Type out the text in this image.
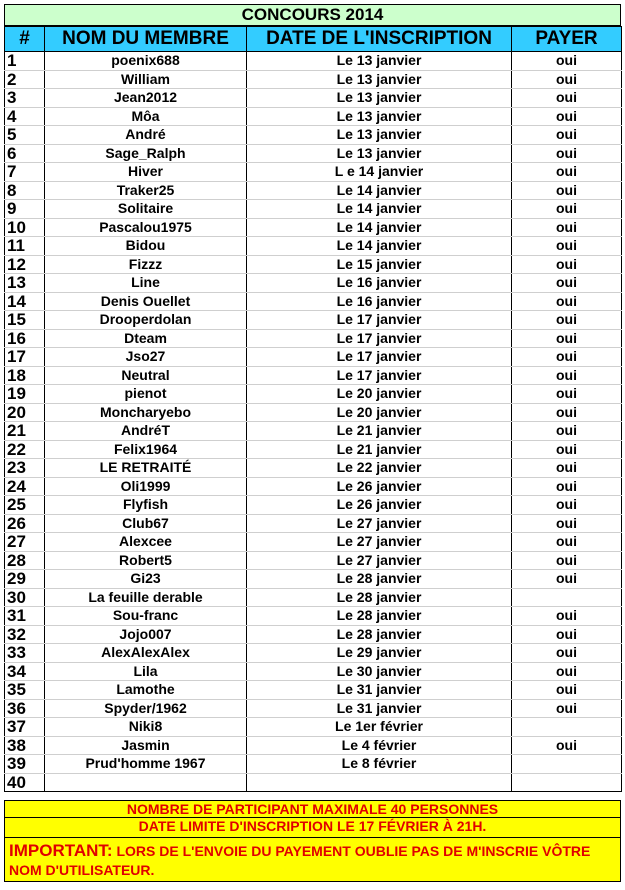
CONCOURS 2014
#	NOM DU MEMBRE	DATE DE L'INSCRIPTION	PAYER
1	poenix688	Le 13 janvier	oui
2	William	Le 13 janvier	oui
3	Jean2012	Le 13 janvier	oui
4	Môa	Le 13 janvier	oui
5	André	Le 13 janvier	oui
6	Sage_Ralph	Le 13 janvier	oui
7	Hiver	L e 14 janvier	oui
8	Traker25	Le 14 janvier	oui
9	Solitaire	Le 14 janvier	oui
10	Pascalou1975	Le 14 janvier	oui
11	Bidou	Le 14 janvier	oui
12	Fizzz	Le 15 janvier	oui
13	Line	Le 16 janvier	oui
14	Denis Ouellet	Le 16 janvier	oui
15	Drooperdolan	Le 17 janvier	oui
16	Dteam	Le 17 janvier	oui
17	Jso27	Le 17 janvier	oui
18	Neutral	Le 17 janvier	oui
19	pienot	Le 20 janvier	oui
20	Moncharyebo	Le 20 janvier	oui
21	AndréT	Le 21 janvier	oui
22	Felix1964	Le 21 janvier	oui
23	LE RETRAITÉ	Le 22 janvier	oui
24	Oli1999	Le 26 janvier	oui
25	Flyfish	Le 26 janvier	oui
26	Club67	Le 27 janvier	oui
27	Alexcee	Le 27 janvier	oui
28	Robert5	Le 27 janvier	oui
29	Gi23	Le 28 janvier	oui
30	La feuille derable	Le 28 janvier	
31	Sou-franc	Le 28 janvier	oui
32	Jojo007	Le 28 janvier	oui
33	AlexAlexAlex	Le 29 janvier	oui
34	Lila	Le 30 janvier	oui
35	Lamothe	Le 31 janvier	oui
36	Spyder/1962	Le 31 janvier	oui
37	Niki8	Le 1er février	
38	Jasmin	Le 4 février	oui
39	Prud'homme 1967	Le 8 février	
40			
NOMBRE DE PARTICIPANT MAXIMALE 40 PERSONNES
DATE LIMITE D'INSCRIPTION LE 17 FÉVRIER À 21H.
IMPORTANT: LORS DE L'ENVOIE DU PAYEMENT OUBLIE PAS DE M'INSCRIE VÔTRE NOM D'UTILISATEUR.
